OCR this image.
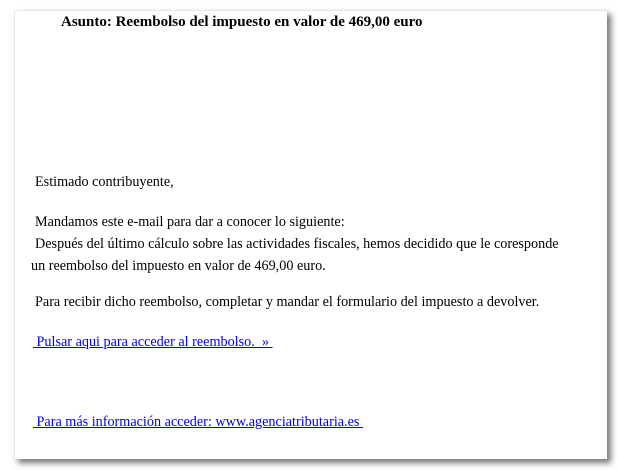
Asunto: Reembolso del impuesto en valor de 469,00 euro
Estimado contribuyente,
Mandamos este e-mail para dar a conocer lo siguiente:
Después del último cálculo sobre las actividades fiscales, hemos decidido que le coresponde
un reembolso del impuesto en valor de 469,00 euro.
Para recibir dicho reembolso, completar y mandar el formulario del impuesto a devolver.
Pulsar aqui para acceder al reembolso.  »
Para más información acceder: www.agenciatributaria.es
